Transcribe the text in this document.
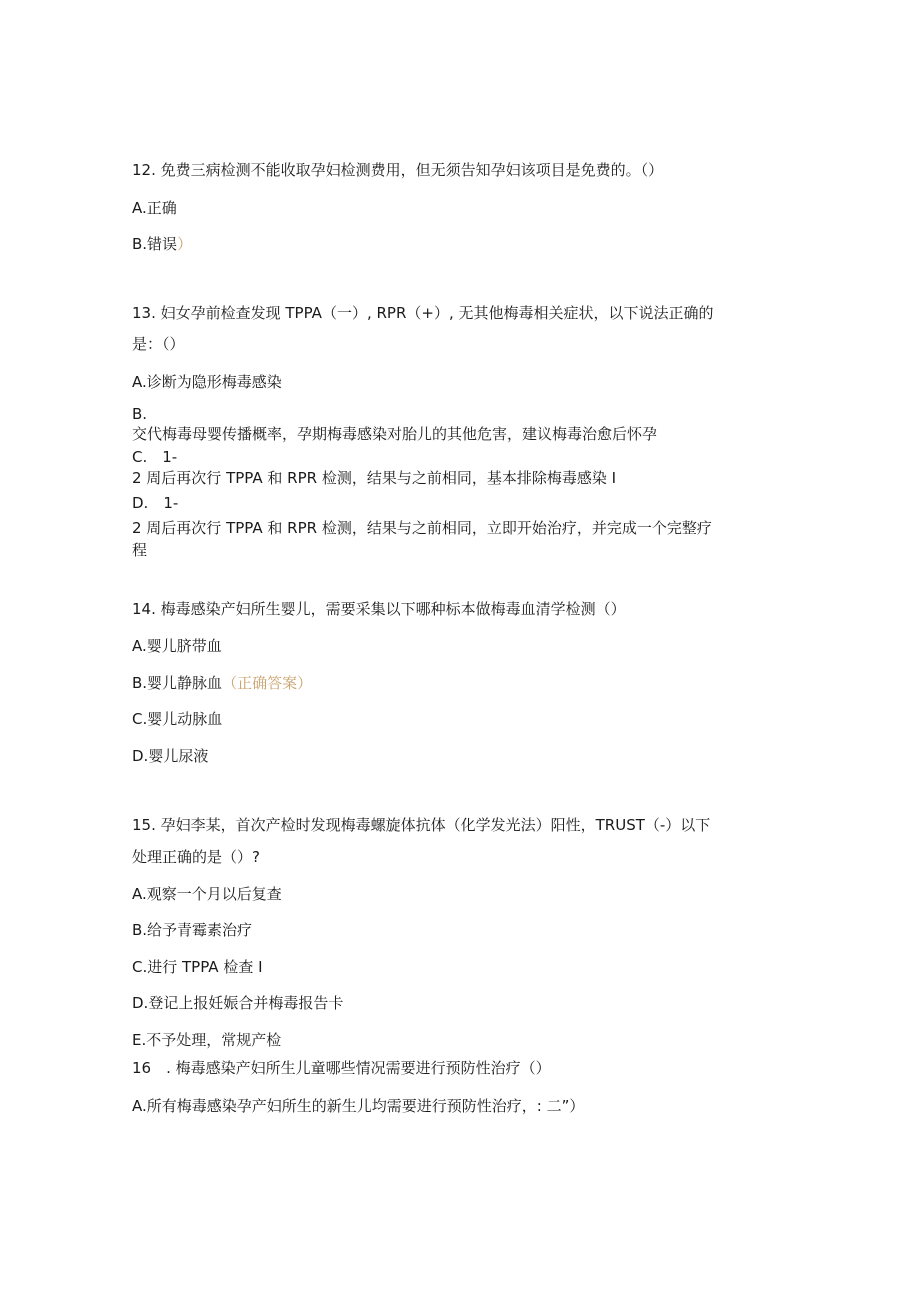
12. 免费三病检测不能收取孕妇检测费用，但无须告知孕妇该项目是免费的。（）
A.正确
B.错误）
13. 妇女孕前检查发现 TPPA（一）, RPR（+）, 无其他梅毒相关症状，以下说法正确的
是：（）
A.诊断为隐形梅毒感染
B.
交代梅毒母婴传播概率，孕期梅毒感染对胎儿的其他危害，建议梅毒治愈后怀孕
C.　1-
2 周后再次行 TPPA 和 RPR 检测，结果与之前相同，基本排除梅毒感染 I
D.　1-
2 周后再次行 TPPA 和 RPR 检测，结果与之前相同，立即开始治疗，并完成一个完整疗
程
14. 梅毒感染产妇所生婴儿，需要采集以下哪种标本做梅毒血清学检测（）
A.婴儿脐带血
B.婴儿静脉血（正确答案）
C.婴儿动脉血
D.婴儿尿液
15. 孕妇李某，首次产检时发现梅毒螺旋体抗体（化学发光法）阳性，TRUST（-）以下
处理正确的是（）?
A.观察一个月以后复查
B.给予青霉素治疗
C.进行 TPPA 检查 I
D.登记上报妊娠合并梅毒报告卡
E.不予处理，常规产检
16　. 梅毒感染产妇所生儿童哪些情况需要进行预防性治疗（）
A.所有梅毒感染孕产妇所生的新生儿均需要进行预防性治疗，: 二”）
